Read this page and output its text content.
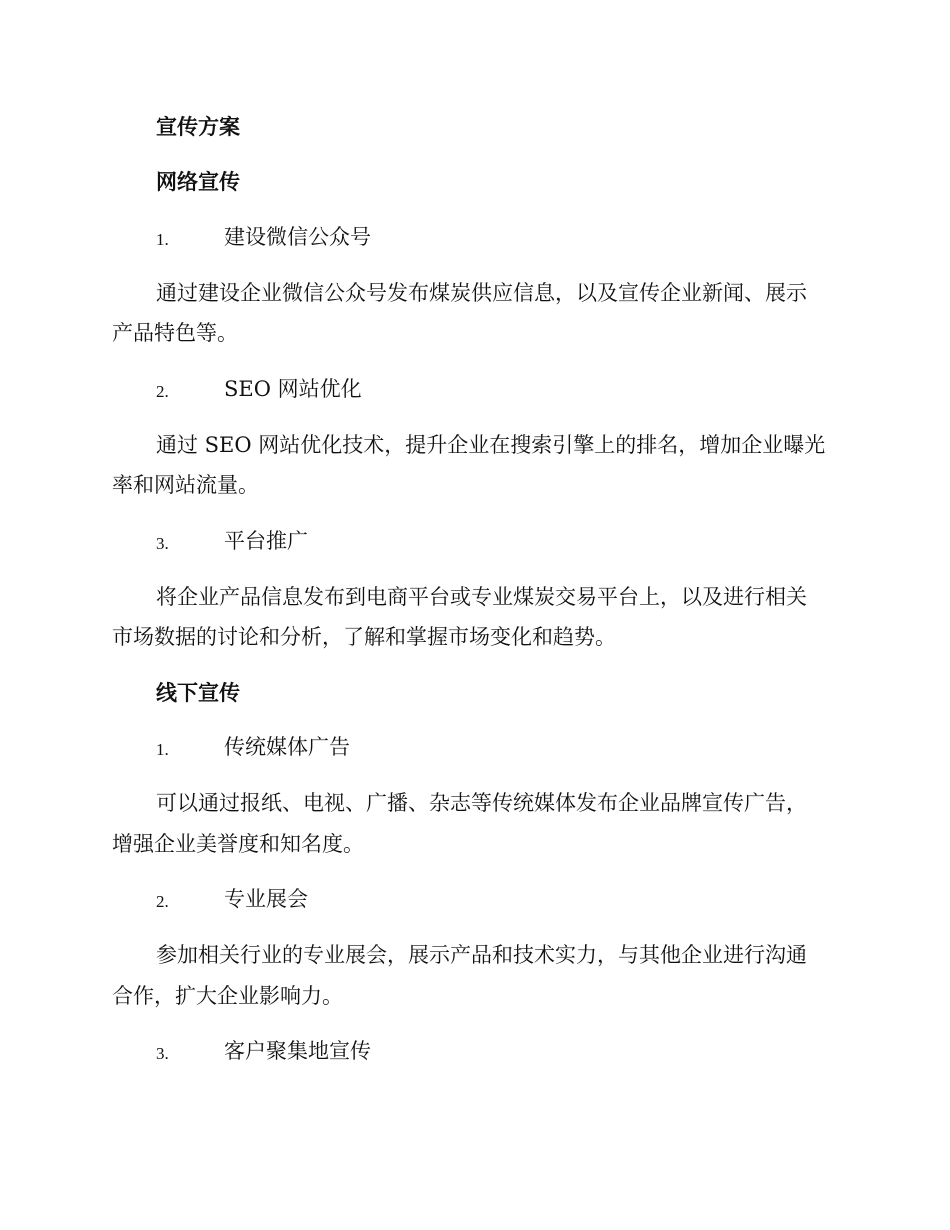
宣传方案
网络宣传
1.	建设微信公众号
通过建设企业微信公众号发布煤炭供应信息，以及宣传企业新闻、展示
产品特色等。
2.	SEO 网站优化
通过 SEO 网站优化技术，提升企业在搜索引擎上的排名，增加企业曝光
率和网站流量。
3.	平台推广
将企业产品信息发布到电商平台或专业煤炭交易平台上，以及进行相关
市场数据的讨论和分析，了解和掌握市场变化和趋势。
线下宣传
1.	传统媒体广告
可以通过报纸、电视、广播、杂志等传统媒体发布企业品牌宣传广告，
增强企业美誉度和知名度。
2.	专业展会
参加相关行业的专业展会，展示产品和技术实力，与其他企业进行沟通
合作，扩大企业影响力。
3.	客户聚集地宣传
